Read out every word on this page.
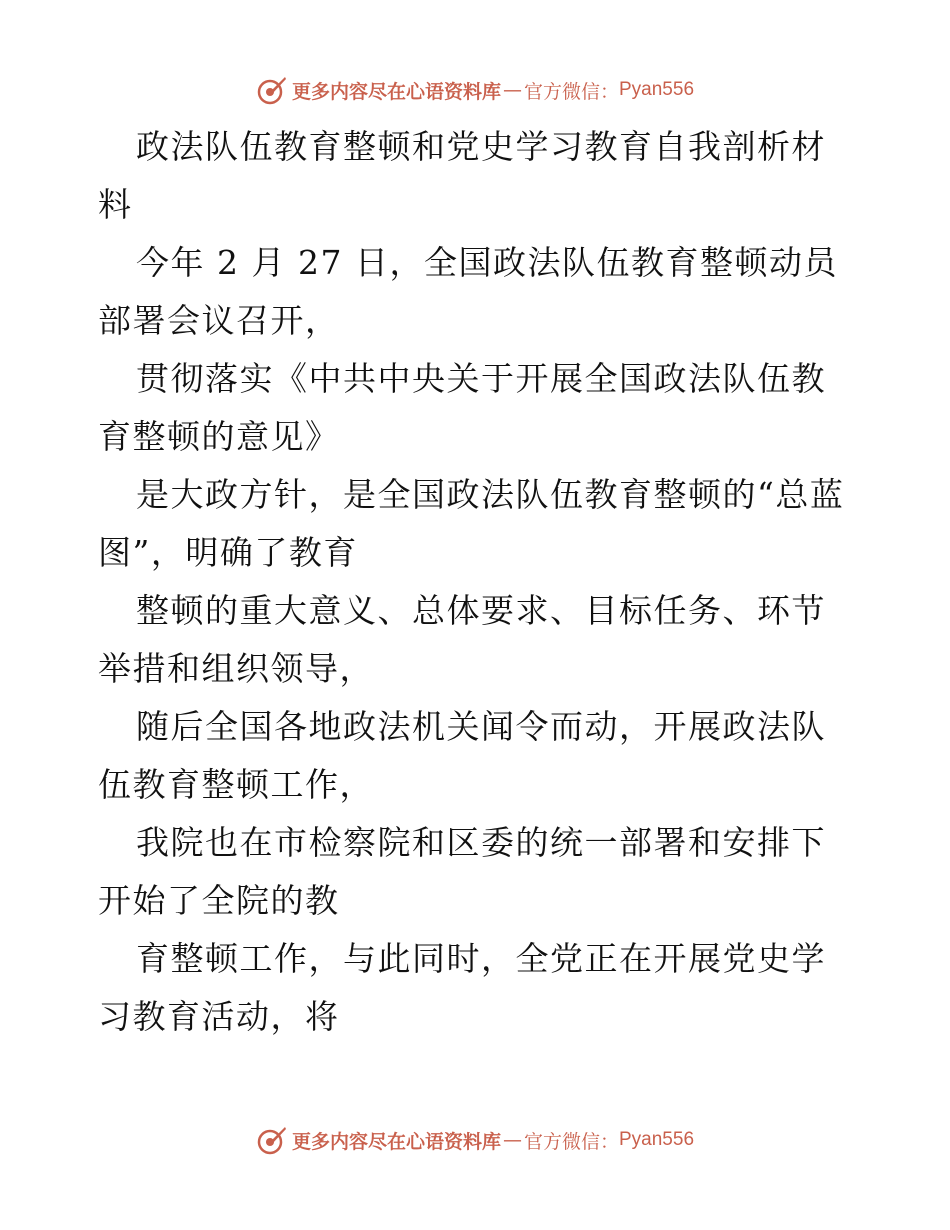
更多内容尽在心语资料库 — 官方微信： Pyan556

政法队伍教育整顿和党史学习教育自我剖析材料

今年 2 月 27 日，全国政法队伍教育整顿动员部署会议召开，

贯彻落实《中共中央关于开展全国政法队伍教育整顿的意见》

是大政方针，是全国政法队伍教育整顿的“总蓝图”，明确了教育

整顿的重大意义、总体要求、目标任务、环节举措和组织领导，

随后全国各地政法机关闻令而动，开展政法队伍教育整顿工作，

我院也在市检察院和区委的统一部署和安排下开始了全院的教

育整顿工作，与此同时，全党正在开展党史学习教育活动，将

更多内容尽在心语资料库 — 官方微信： Pyan556
